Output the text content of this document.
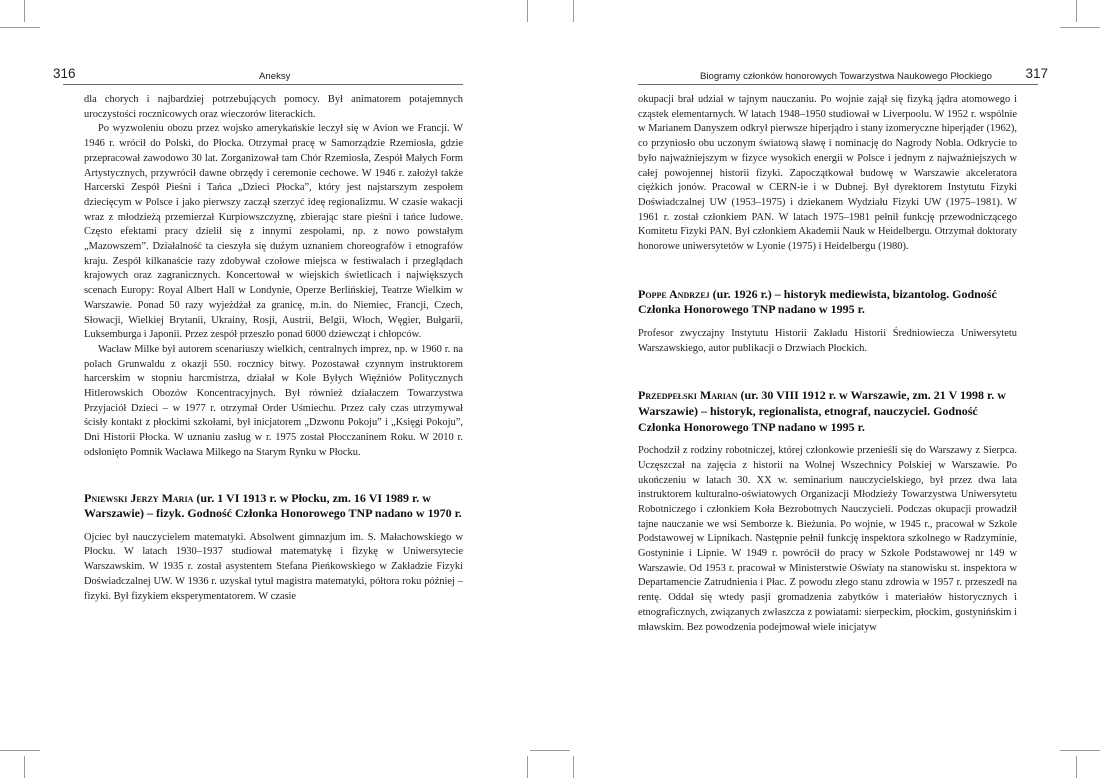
316	Aneksy

dla chorych i najbardziej potrzebujących pomocy. Był animatorem potajemnych uroczystości rocznicowych oraz wieczorów literackich.

Po wyzwoleniu obozu przez wojsko amerykańskie leczył się w Avion we Francji. W 1946 r. wrócił do Polski, do Płocka. Otrzymał pracę w Samorządzie Rzemiosła, gdzie przepracował zawodowo 30 lat. Zorganizował tam Chór Rzemiosła, Zespół Małych Form Artystycznych, przywrócił dawne obrzędy i ceremonie cechowe. W 1946 r. założył także Harcerski Zespół Pieśni i Tańca „Dzieci Płocka”, który jest najstarszym zespołem dziecięcym w Polsce i jako pierwszy zaczął szerzyć ideę regionalizmu. W czasie wakacji wraz z młodzieżą przemierzał Kurpiowszczyznę, zbierając stare pieśni i tańce ludowe. Często efektami pracy dzielił się z innymi zespołami, np. z nowo powstałym „Mazowszem”. Działalność ta cieszyła się dużym uznaniem choreografów i etnografów kraju. Zespół kilkanaście razy zdobywał czołowe miejsca w festiwalach i przeglądach krajowych oraz zagranicznych. Koncertował w wiejskich świetlicach i największych scenach Europy: Royal Albert Hall w Londynie, Operze Berlińskiej, Teatrze Wielkim w Warszawie. Ponad 50 razy wyjeżdżał za granicę, m.in. do Niemiec, Francji, Czech, Słowacji, Wielkiej Brytanii, Ukrainy, Rosji, Austrii, Belgii, Włoch, Węgier, Bułgarii, Luksemburga i Japonii. Przez zespół przeszło ponad 6000 dziewcząt i chłopców.

Wacław Milke był autorem scenariuszy wielkich, centralnych imprez, np. w 1960 r. na polach Grunwaldu z okazji 550. rocznicy bitwy. Pozostawał czynnym instruktorem harcerskim w stopniu harcmistrza, działał w Kole Byłych Więźniów Politycznych Hitlerowskich Obozów Koncentracyjnych. Był również działaczem Towarzystwa Przyjaciół Dzieci – w 1977 r. otrzymał Order Uśmiechu. Przez cały czas utrzymywał ścisły kontakt z płockimi szkołami, był inicjatorem „Dzwonu Pokoju” i „Księgi Pokoju”, Dni Historii Płocka. W uznaniu zasług w r. 1975 został Płocczaninem Roku. W 2010 r. odsłonięto Pomnik Wacława Milkego na Starym Rynku w Płocku.

Pniewski Jerzy Maria (ur. 1 VI 1913 r. w Płocku, zm. 16 VI 1989 r. w Warszawie) – fizyk. Godność Członka Honorowego TNP nadano w 1970 r.

Ojciec był nauczycielem matematyki. Absolwent gimnazjum im. S. Małachowskiego w Płocku. W latach 1930–1937 studiował matematykę i fizykę w Uniwersytecie Warszawskim. W 1935 r. został asystentem Stefana Pieńkowskiego w Zakładzie Fizyki Doświadczalnej UW. W 1936 r. uzyskał tytuł magistra matematyki, półtora roku później – fizyki. Był fizykiem eksperymentatorem. W czasie

Biogramy członków honorowych Towarzystwa Naukowego Płockiego 317

okupacji brał udział w tajnym nauczaniu. Po wojnie zajął się fizyką jądra atomowego i cząstek elementarnych. W latach 1948–1950 studiował w Liverpoolu. W 1952 r. wspólnie w Marianem Danyszem odkrył pierwsze hiperjądro i stany izomeryczne hiperjąder (1962), co przyniosło obu uczonym światową sławę i nominację do Nagrody Nobla. Odkrycie to było najważniejszym w fizyce wysokich energii w Polsce i jednym z najważniejszych w całej powojennej historii fizyki. Zapoczątkował budowę w Warszawie akceleratora ciężkich jonów. Pracował w CERN-ie i w Dubnej. Był dyrektorem Instytutu Fizyki Doświadczalnej UW (1953–1975) i dziekanem Wydziału Fizyki UW (1975–1981). W 1961 r. został członkiem PAN. W latach 1975–1981 pełnił funkcję przewodniczącego Komitetu Fizyki PAN. Był członkiem Akademii Nauk w Heidelbergu. Otrzymał doktoraty honorowe uniwersytetów w Lyonie (1975) i Heidelbergu (1980).

Poppe Andrzej (ur. 1926 r.) – historyk mediewista, bizantolog. Godność Członka Honorowego TNP nadano w 1995 r.

Profesor zwyczajny Instytutu Historii Zakładu Historii Średniowiecza Uniwersytetu Warszawskiego, autor publikacji o Drzwiach Płockich.

Przedpełski Marian (ur. 30 VIII 1912 r. w Warszawie, zm. 21 V 1998 r. w Warszawie) – historyk, regionalista, etnograf, nauczyciel. Godność Członka Honorowego TNP nadano w 1995 r.

Pochodził z rodziny robotniczej, której członkowie przenieśli się do Warszawy z Sierpca. Uczęszczał na zajęcia z historii na Wolnej Wszechnicy Polskiej w Warszawie. Po ukończeniu w latach 30. XX w. seminarium nauczycielskiego, był przez dwa lata instruktorem kulturalno-oświatowych Organizacji Młodzieży Towarzystwa Uniwersytetu Robotniczego i członkiem Koła Bezrobotnych Nauczycieli. Podczas okupacji prowadził tajne nauczanie we wsi Semborze k. Bieżunia. Po wojnie, w 1945 r., pracował w Szkole Podstawowej w Lipnikach. Następnie pełnił funkcję inspektora szkolnego w Radzyminie, Gostyninie i Lipnie. W 1949 r. powrócił do pracy w Szkole Podstawowej nr 149 w Warszawie. Od 1953 r. pracował w Ministerstwie Oświaty na stanowisku st. inspektora w Departamencie Zatrudnienia i Płac. Z powodu złego stanu zdrowia w 1957 r. przeszedł na rentę. Oddał się wtedy pasji gromadzenia zabytków i materiałów historycznych i etnograficznych, związanych zwłaszcza z powiatami: sierpeckim, płockim, gostynińskim i mławskim. Bez powodzenia podejmował wiele inicjatyw
